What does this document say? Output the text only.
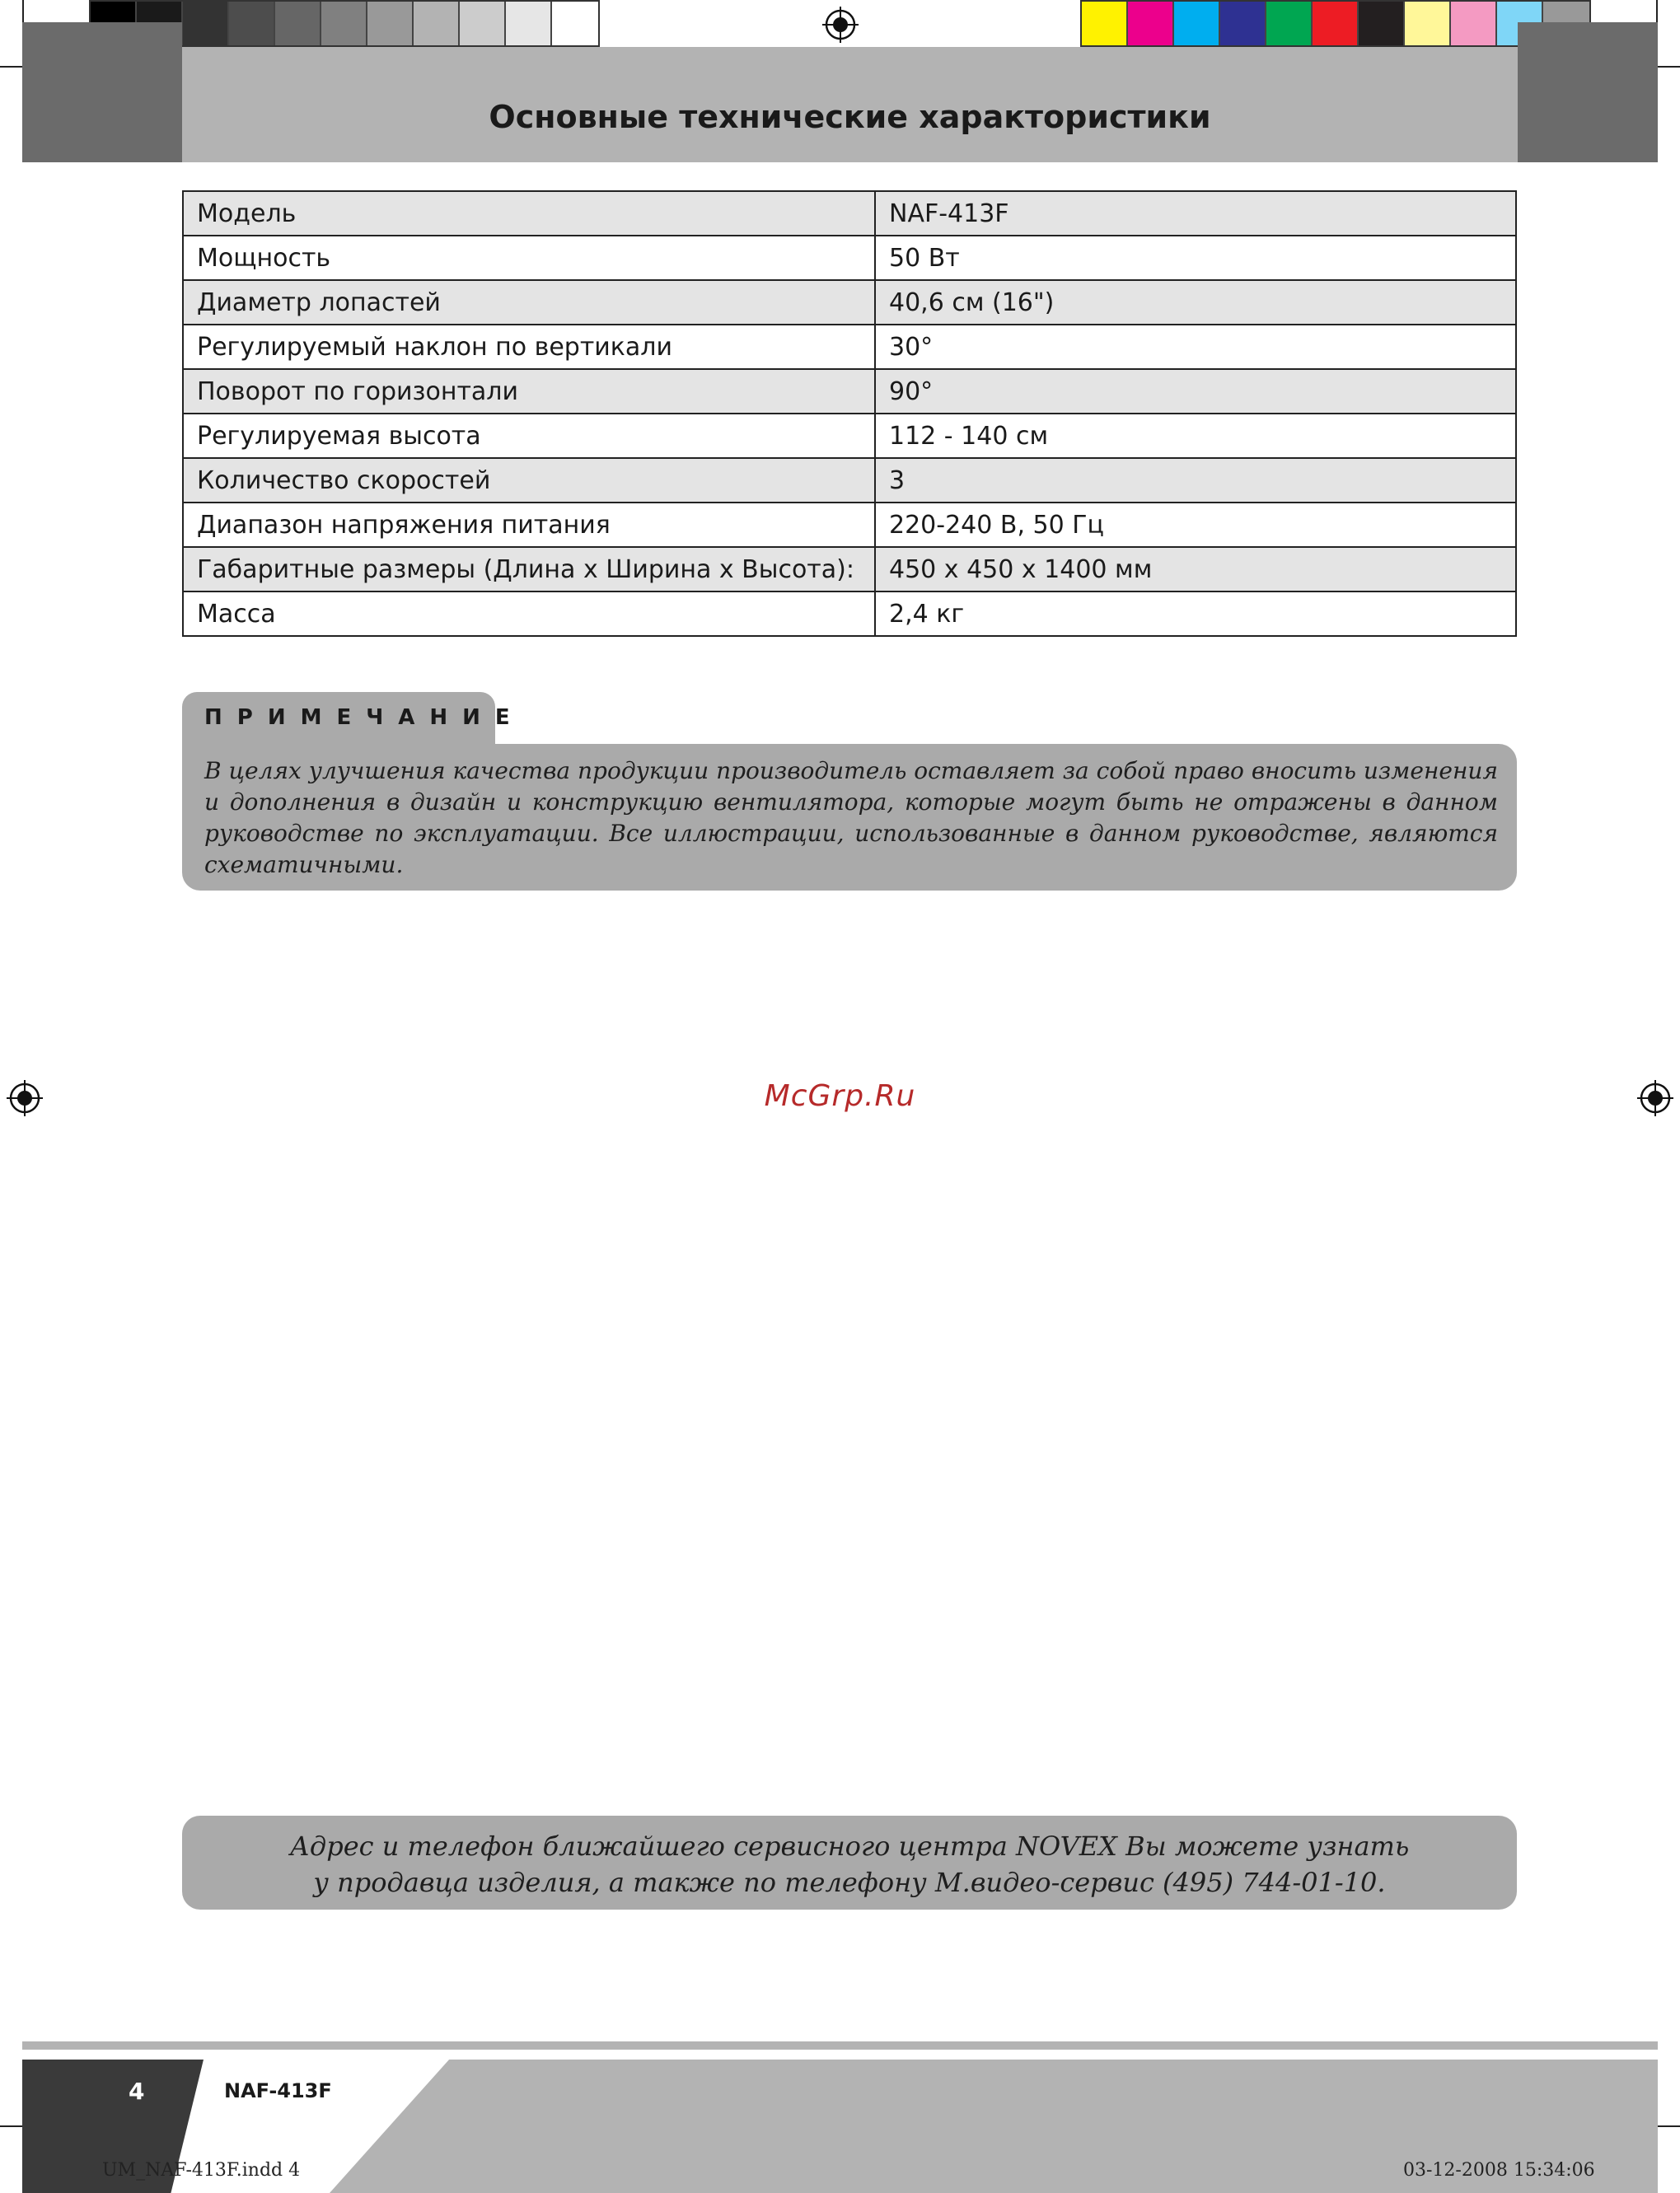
Основные технические характористики
Модель	NAF-413F
Мощность	50 Вт
Диаметр лопастей	40,6 см (16")
Регулируемый наклон по вертикали	30°
Поворот по горизонтали	90°
Регулируемая высота	112 - 140 см
Количество скоростей	3
Диапазон напряжения питания	220-240 В, 50 Гц
Габаритные размеры (Длина х Ширина х Высота):	450 х 450 х 1400 мм
Масса	2,4 кг
ПРИМЕЧАНИЕ

В целях улучшения качества продукции производитель оставляет за собой право вносить изменения и дополнения в дизайн и конструкцию вентилятора, которые могут быть не отражены в данном руководстве по эксплуатации. Все иллюстрации, использованные в данном руководстве, являются схематичными.

McGrp.Ru
Адрес и телефон ближайшего сервисного центра NOVEX Вы можете узнать
у продавца изделия, а также по телефону М.видео-сервис (495) 744-01-10.
4	NAF-413F
UM_NAF-413F.indd 4	03-12-2008 15:34:06
